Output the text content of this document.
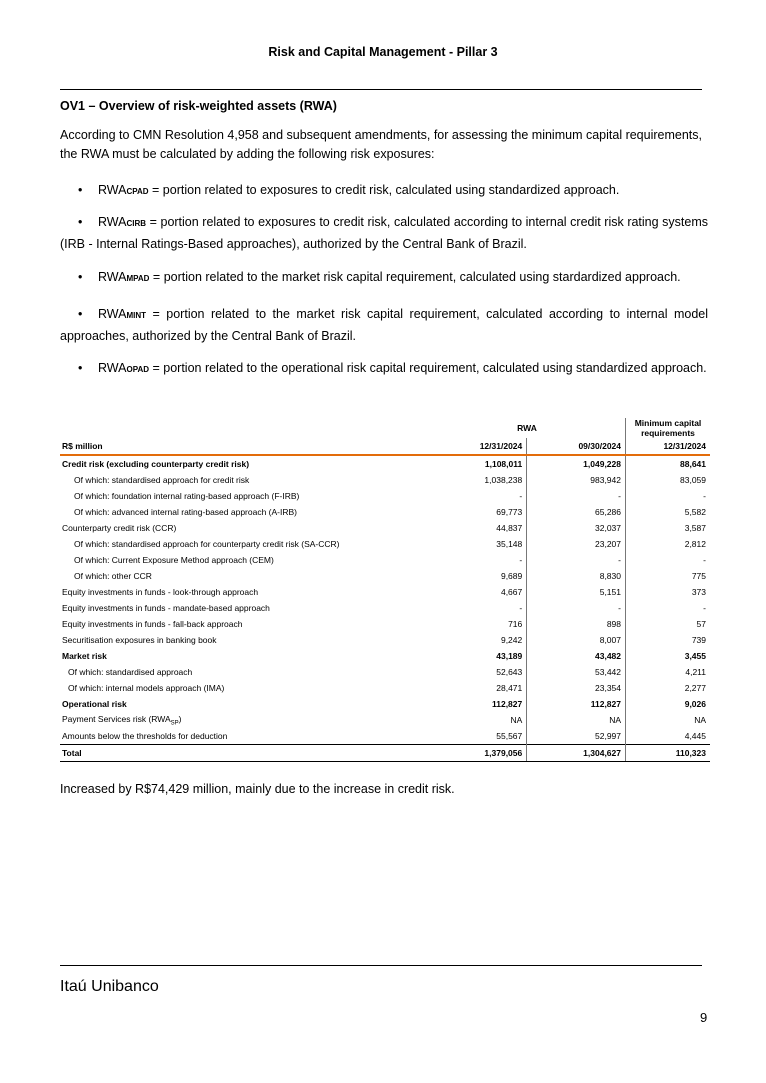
Risk and Capital Management - Pillar 3
OV1 – Overview of risk-weighted assets (RWA)
According to CMN Resolution 4,958 and subsequent amendments, for assessing the minimum capital requirements, the RWA must be calculated by adding the following risk exposures:
• RWACPAD = portion related to exposures to credit risk, calculated using standardized approach.
• RWACIRB = portion related to exposures to credit risk, calculated according to internal credit risk rating systems (IRB - Internal Ratings-Based approaches), authorized by the Central Bank of Brazil.
• RWAMPAD = portion related to the market risk capital requirement, calculated using stardardized approach.
• RWAMINT = portion related to the market risk capital requirement, calculated according to internal model approaches, authorized by the Central Bank of Brazil.
• RWAOPAD = portion related to the operational risk capital requirement, calculated using standardized approach.
	RWA		Minimum capital requirements
R$ million	12/31/2024	09/30/2024	12/31/2024
Credit risk (excluding counterparty credit risk)	1,108,011	1,049,228	88,641
Of which: standardised approach for credit risk	1,038,238	983,942	83,059
Of which: foundation internal rating-based approach (F-IRB)	-	-	-
Of which: advanced internal rating-based approach (A-IRB)	69,773	65,286	5,582
Counterparty credit risk (CCR)	44,837	32,037	3,587
Of which: standardised approach for counterparty credit risk (SA-CCR)	35,148	23,207	2,812
Of which: Current Exposure Method approach (CEM)	-	-	-
Of which: other CCR	9,689	8,830	775
Equity investments in funds - look-through approach	4,667	5,151	373
Equity investments in funds - mandate-based approach	-	-	-
Equity investments in funds - fall-back approach	716	898	57
Securitisation exposures in banking book	9,242	8,007	739
Market risk	43,189	43,482	3,455
Of which: standardised approach	52,643	53,442	4,211
Of which: internal models approach (IMA)	28,471	23,354	2,277
Operational risk	112,827	112,827	9,026
Payment Services risk $(RWA_{SP})$	NA	NA	NA
Amounts below the thresholds for deduction	55,567	52,997	4,445
Total	1,379,056	1,304,627	110,323
Increased by R$74,429 million, mainly due to the increase in credit risk.
Itaú Unibanco
9
